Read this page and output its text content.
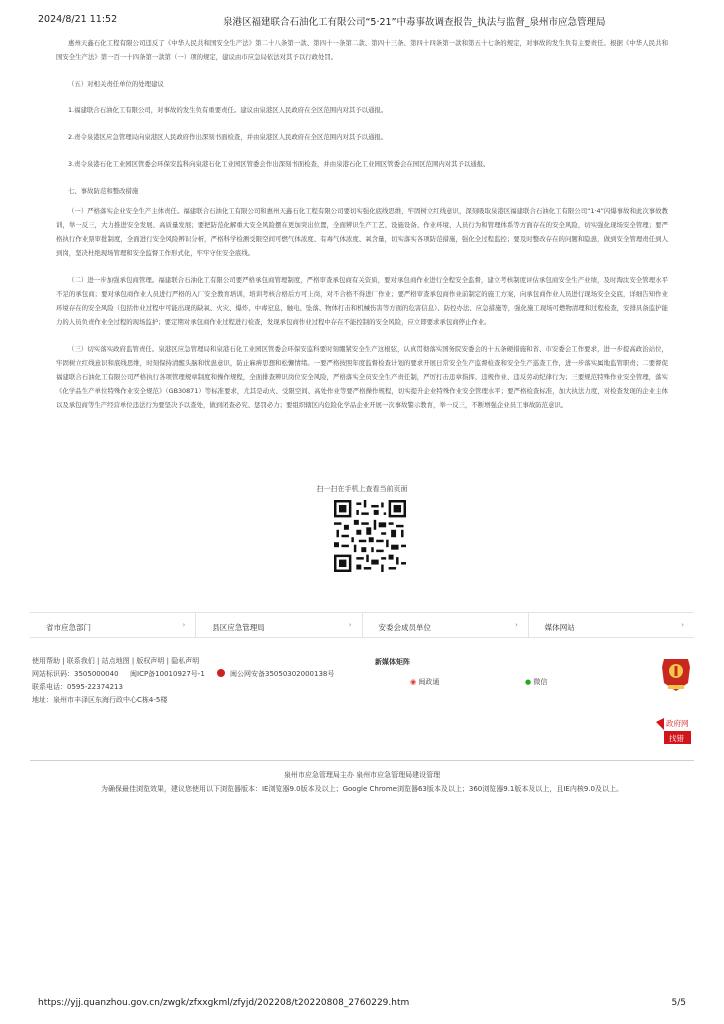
2024/8/21 11:52	泉港区福建联合石油化工有限公司“5·21”中毒事故调查报告_执法与监督_泉州市应急管理局

惠州天鑫石化工程有限公司违反了《中华人民共和国安全生产法》第二十八条第一款、第四十一条第二款、第四十三条、第四十四条第一款和第五十七条的规定，对事故的发生负有主要责任。根据《中华人民共和国安全生产法》第一百一十四条第一款第（一）项的规定，建议由市应急局依法对其予以行政处罚。

（五）对相关责任单位的处理建议

1.福建联合石油化工有限公司，对事故的发生负有重要责任。建议由泉港区人民政府在全区范围内对其予以通报。

2.责令泉港区应急管理局向泉港区人民政府作出深刻书面检查，并由泉港区人民政府在全区范围内对其予以通报。

3.责令泉港石化工业园区管委会环保安监科向泉港石化工业园区管委会作出深刻书面检查，并由泉港石化工业园区管委会在园区范围内对其予以通报。

七、事故防范和整改措施

（一）严格落实企业安全生产主体责任。福建联合石油化工有限公司和惠州天鑫石化工程有限公司要切实强化底线思维，牢固树立红线意识，深刻吸取泉港区福建联合石油化工有限公司“1·4”闪爆事故和此次事故教训，举一反三，大力推进安全发展、高质量发展；要把防范化解重大安全风险摆在更加突出位置，全面辨识生产工艺、设施设备、作业环境、人员行为和管理体系等方面存在的安全风险，切实强化现场安全管理；要严格执行作业票审批制度，全面进行安全风险辨识分析，严格科学检测受限空间可燃气体浓度、有毒气体浓度、氧含量，切实落实各项防范措施，强化全过程监控；要及时整改存在的问题和隐患，做到安全管理责任到人到岗，坚决杜绝现场管理和安全监督工作形式化，牢牢守住安全底线。

（二）进一步加强承包商管理。福建联合石油化工有限公司要严格承包商管理制度，严格审查承包商有关资质，要对承包商作业进行全程安全监督，建立考核制度评估承包商安全生产业绩，及时淘汰安全管理水平不足的承包商；要对承包商作业人员进行严格的入厂安全教育培训，培训考核合格后方可上岗，对不合格不得进厂作业；要严格审查承包商作业前制定的施工方案，向承包商作业人员进行现场安全交底，详细告知作业环境存在的安全风险（包括作业过程中可能出现的缺氧、火灾、爆炸、中毒窒息、触电、坠落、物体打击和机械伤害等方面的危害信息）、防控办法、应急措施等，强化施工现场可燃物清理和过程检查，安排具备监护能力的人员负责作业全过程的现场监护；要定期对承包商作业过程进行检查，发现承包商作业过程中存在不能控制的安全风险，应立即要求承包商停止作业。

（三）切实落实政府监管责任。泉港区应急管理局和泉港石化工业园区管委会环保安监科要时刻绷紧安全生产这根弦，认真贯彻落实国务院安委会的十五条硬措施和省、市安委会工作要求，进一步提高政治站位，牢固树立红线意识和底线思维，时刻保持清醒头脑和忧患意识，防止麻痹思想和松懈情绪。一要严格按照年度监督检查计划的要求开展日常安全生产监督检查和安全生产巡查工作，进一步落实属地监管职责；二要督促福建联合石油化工有限公司严格执行各项管理规章制度和操作规程，全面排查辨识岗位安全风险，严格落实全员安全生产责任制，严厉打击违章指挥、违规作业、违反劳动纪律行为；三要规范特殊作业安全管理，落实《化学品生产单位特殊作业安全规范》（GB30871）等标准要求，尤其是动火、受限空间、高处作业等要严格操作规程，切实提升企业特殊作业安全管理水平；要严格检查标准，加大执法力度，对检查发现的企业主体以及承包商等生产经营单位违法行为要坚决予以查处，做到闭查必究、惩罚必力；要组织辖区内危险化学品企业开展一次事故警示教育，举一反三，不断增强企业员工事故防范意识。

扫一扫在手机上查看当前页面
省市应急部门	›	县区应急管理局	›	安委会成员单位	›	媒体网站	›
使用帮助 | 联系我们 | 站点地图 | 版权声明 | 隐私声明
网站标识码：3505000040 闽ICP备10010927号-1	闽公网安备35050302000138号
联系电话：0595-22374213
地址：泉州市丰泽区东海行政中心C栋4-5楼
新媒体矩阵
◉ 闽政通	● 微信
政府网
找错
泉州市应急管理局主办 泉州市应急管理局建设管理
为确保最佳浏览效果，建议您使用以下浏览器版本：IE浏览器9.0版本及以上；Google Chrome浏览器63版本及以上；360浏览器9.1版本及以上，且IE内核9.0及以上。
https://yjj.quanzhou.gov.cn/zwgk/zfxxgkml/zfyjd/202208/t20220808_2760229.htm	5/5
